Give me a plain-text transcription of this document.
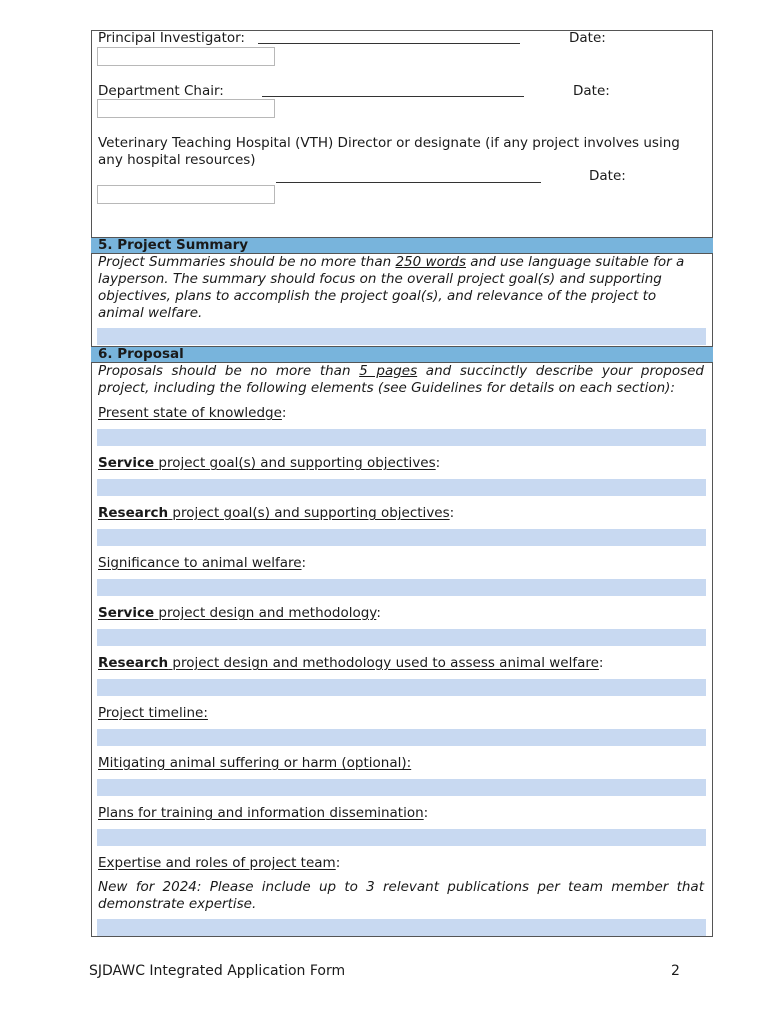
Principal Investigator:	Date:
Department Chair:	Date:
Veterinary Teaching Hospital (VTH) Director or designate (if any project involves using any hospital resources)
Date:
5. Project Summary
Project Summaries should be no more than 250 words and use language suitable for a layperson. The summary should focus on the overall project goal(s) and supporting objectives, plans to accomplish the project goal(s), and relevance of the project to animal welfare.
6. Proposal
Proposals should be no more than 5 pages and succinctly describe your proposed project, including the following elements (see Guidelines for details on each section):
Present state of knowledge:
Service project goal(s) and supporting objectives:
Research project goal(s) and supporting objectives:
Significance to animal welfare:
Service project design and methodology:
Research project design and methodology used to assess animal welfare:
Project timeline:
Mitigating animal suffering or harm (optional):
Plans for training and information dissemination:
Expertise and roles of project team:
New for 2024: Please include up to 3 relevant publications per team member that demonstrate expertise.
SJDAWC Integrated Application Form	2
